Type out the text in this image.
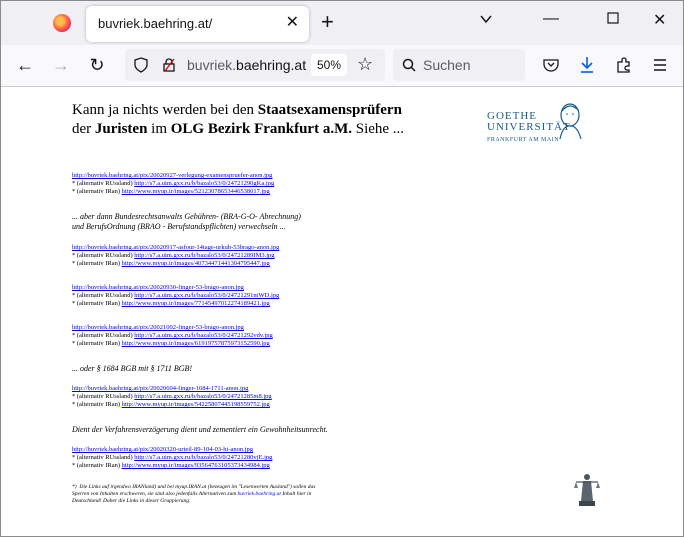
buvriek.baehring.at/	✕ +	—	✕
← → ↻	buvriek.baehring.at 50% ☆	Suchen
Kann ja nichts werden bei den Staatsexamensprüfern
der Juristen im OLG Bezirk Frankfurt a.M. Siehe ...
GOETHE
UNIVERSITÄT
FRANKFURT AM MAIN
http://buvriek.baehring.at/pix/20020927-verlegung-examenspruefer-anon.jpg
* (alternativ RUssland) http://s7.a.uim.gxx.ru/b/bazalo53/0/24721290gKa.jpg
* (alternativ IRan) http://www.myup.ir/images/52123078653446538017.jpg
... aber dann Bundesrechtsanwalts Gebühren- (BRA-G-O- Abrechnung)
und BerufsOrdnung (BRAO - Berufstandspflichten) verwechseln ...
http://buvriek.baehring.at/pix/20020917-asfour-14tage-urkub-53brago-anon.jpg
* (alternativ RUssland) http://s7.a.uim.gxx.ru/b/bazalo53/0/24721289IM3.jpg
* (alternativ IRan) http://www.myup.ir/images/40734471441304795447.jpg
http://buvriek.baehring.at/pix/20020930-finger-53-brago-anon.jpg
* (alternativ RUssland) http://s7.a.uim.gxx.ru/b/bazalo53/0/24721291mWD.jpg
* (alternativ IRan) http://www.myup.ir/images/77145497012274189421.jpg
http://buvriek.baehring.at/pix/20021002-finger-53-brago-anon.jpg
* (alternativ RUssland) http://s7.a.uim.gxx.ru/b/bazalo53/0/24721292vdv.jpg
* (alternativ IRan) http://www.myup.ir/images/61919757875973152590.jpg
... oder § 1684 BGB mit § 1711 BGB!
http://buvriek.baehring.at/pix/20020604-finger-1684-1711-anon.jpg
* (alternativ RUssland) http://s7.a.uim.gxx.ru/b/bazalo53/0/24721285m8.jpg
* (alternativ IRan) http://www.myup.ir/images/54225807445198559752.jpg
Dient der Verfahrensverzögerung dient und zementiert ein Gewohnheitsunrecht.
http://buvriek.baehring.at/pix/20020320-urteil-89-104-03-hi-anon.jpg
* (alternativ RUssland) http://s7.a.uim.gxx.ru/b/bazalo53/0/24721280vjE.jpg
* (alternativ IRan) http://www.myup.ir/images/93564763105373434984.jpg
*) Die Links auf irgendwo IRANland) und bei myup.IRAN.at (bezeugen im "Lesenwerten Ausland") sollen das
Sperren von Inhalten erschweren, sie sind also jedenfalls Alternativen zum buvriek.baehring.at Inhalt hier in
Deutschland! Daher die Links in dieser Gruppierung.
